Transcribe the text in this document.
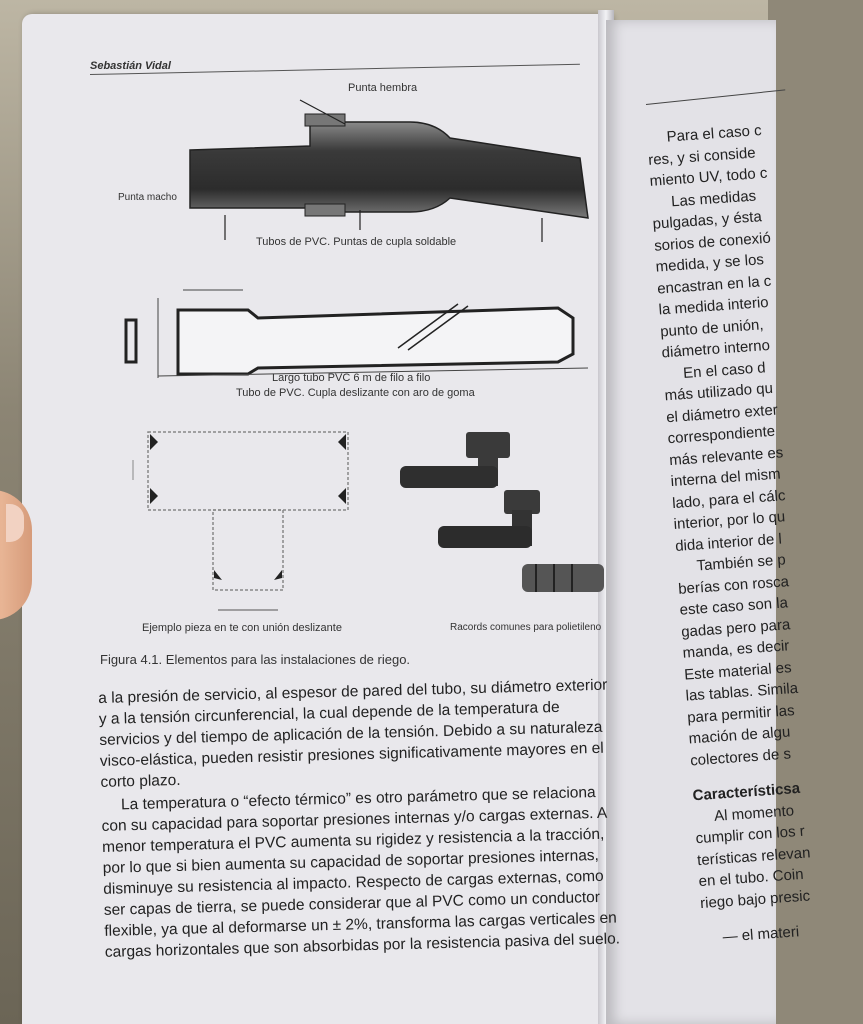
Sebastián Vidal
Punta hembra
Punta macho
Tubos de PVC. Puntas de cupla soldable
Largo tubo PVC 6 m de filo a filo
Tubo de PVC. Cupla deslizante con aro de goma
Ejemplo pieza en te con unión deslizante	Racords comunes para polietileno
Figura 4.1. Elementos para las instalaciones de riego.

a la presión de servicio, al espesor de pared del tubo, su diámetro exterior y a la tensión circunferencial, la cual depende de la temperatura de servicios y del tiempo de aplicación de la tensión. Debido a su naturaleza visco-elástica, pueden resistir presiones significativamente mayores en el corto plazo.

La temperatura o “efecto térmico” es otro parámetro que se relaciona con su capacidad para soportar presiones internas y/o cargas externas. A menor temperatura el PVC aumenta su rigidez y resistencia a la tracción, por lo que si bien aumenta su capacidad de soportar presiones internas, disminuye su resistencia al impacto. Respecto de cargas externas, como ser capas de tierra, se puede considerar que al PVC como un conductor flexible, ya que al deformarse un ± 2%, transforma las cargas verticales en cargas horizontales que son absorbidas por la resistencia pasiva del suelo.

Para el caso c
res, y si conside
miento UV, todo c
Las medidas
pulgadas, y ésta
sorios de conexió
medida, y se los
encastran en la c
la medida interio
punto de unión,
diámetro interno
En el caso d
más utilizado qu
el diámetro exter
correspondiente
más relevante es
interna del mism
lado, para el cálc
interior, por lo qu
dida interior de l
También se p
berías con rosca
este caso son la
gadas pero para
manda, es decir
Este material es
las tablas. Simila
para permitir las
mación de algu
colectores de s
Característicsa
Al momento
cumplir con los r
terísticas relevan
en el tubo. Coin
riego bajo presic
— el materi
